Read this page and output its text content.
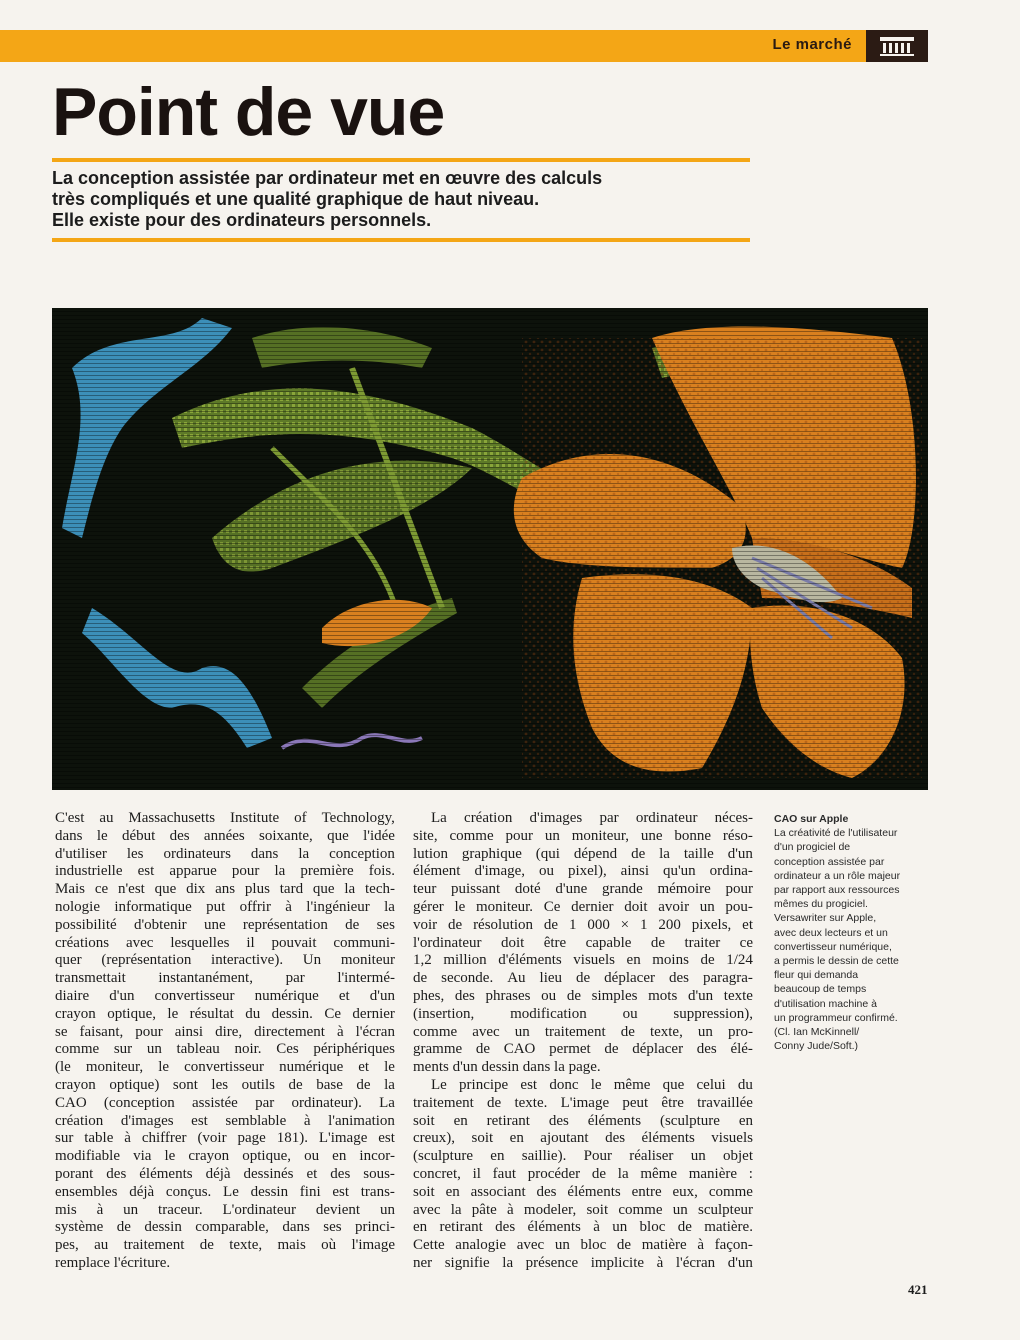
Le marché
Point de vue
La conception assistée par ordinateur met en œuvre des calculs
très compliqués et une qualité graphique de haut niveau.
Elle existe pour des ordinateurs personnels.
CAO sur Apple
La créativité de l'utilisateur
d'un progiciel de
conception assistée par
ordinateur a un rôle majeur
par rapport aux ressources
mêmes du progiciel.
Versawriter sur Apple,
avec deux lecteurs et un
convertisseur numérique,
a permis le dessin de cette
fleur qui demanda
beaucoup de temps
d'utilisation machine à
un programmeur confirmé.
(Cl. Ian McKinnell/
Conny Jude/Soft.)
C'est au Massachusetts Institute of Technology,
dans le début des années soixante, que l'idée
d'utiliser les ordinateurs dans la conception
industrielle est apparue pour la première fois.
Mais ce n'est que dix ans plus tard que la tech-
nologie informatique put offrir à l'ingénieur la
possibilité d'obtenir une représentation de ses
créations avec lesquelles il pouvait communi-
quer (représentation interactive). Un moniteur
transmettait instantanément, par l'intermé-
diaire d'un convertisseur numérique et d'un
crayon optique, le résultat du dessin. Ce dernier
se faisant, pour ainsi dire, directement à l'écran
comme sur un tableau noir. Ces périphériques
(le moniteur, le convertisseur numérique et le
crayon optique) sont les outils de base de la
CAO (conception assistée par ordinateur). La
création d'images est semblable à l'animation
sur table à chiffrer (voir page 181). L'image est
modifiable via le crayon optique, ou en incor-
porant des éléments déjà dessinés et des sous-
ensembles déjà conçus. Le dessin fini est trans-
mis à un traceur. L'ordinateur devient un
système de dessin comparable, dans ses princi-
pes, au traitement de texte, mais où l'image
remplace l'écriture.
La création d'images par ordinateur néces-
site, comme pour un moniteur, une bonne réso-
lution graphique (qui dépend de la taille d'un
élément d'image, ou pixel), ainsi qu'un ordina-
teur puissant doté d'une grande mémoire pour
gérer le moniteur. Ce dernier doit avoir un pou-
voir de résolution de 1 000 × 1 200 pixels, et
l'ordinateur doit être capable de traiter ce
1,2 million d'éléments visuels en moins de 1/24
de seconde. Au lieu de déplacer des paragra-
phes, des phrases ou de simples mots d'un texte
(insertion, modification ou suppression),
comme avec un traitement de texte, un pro-
gramme de CAO permet de déplacer des élé-
ments d'un dessin dans la page.
Le principe est donc le même que celui du
traitement de texte. L'image peut être travaillée
soit en retirant des éléments (sculpture en
creux), soit en ajoutant des éléments visuels
(sculpture en saillie). Pour réaliser un objet
concret, il faut procéder de la même manière :
soit en associant des éléments entre eux, comme
avec la pâte à modeler, soit comme un sculpteur
en retirant des éléments à un bloc de matière.
Cette analogie avec un bloc de matière à façon-
ner signifie la présence implicite à l'écran d'un
421
